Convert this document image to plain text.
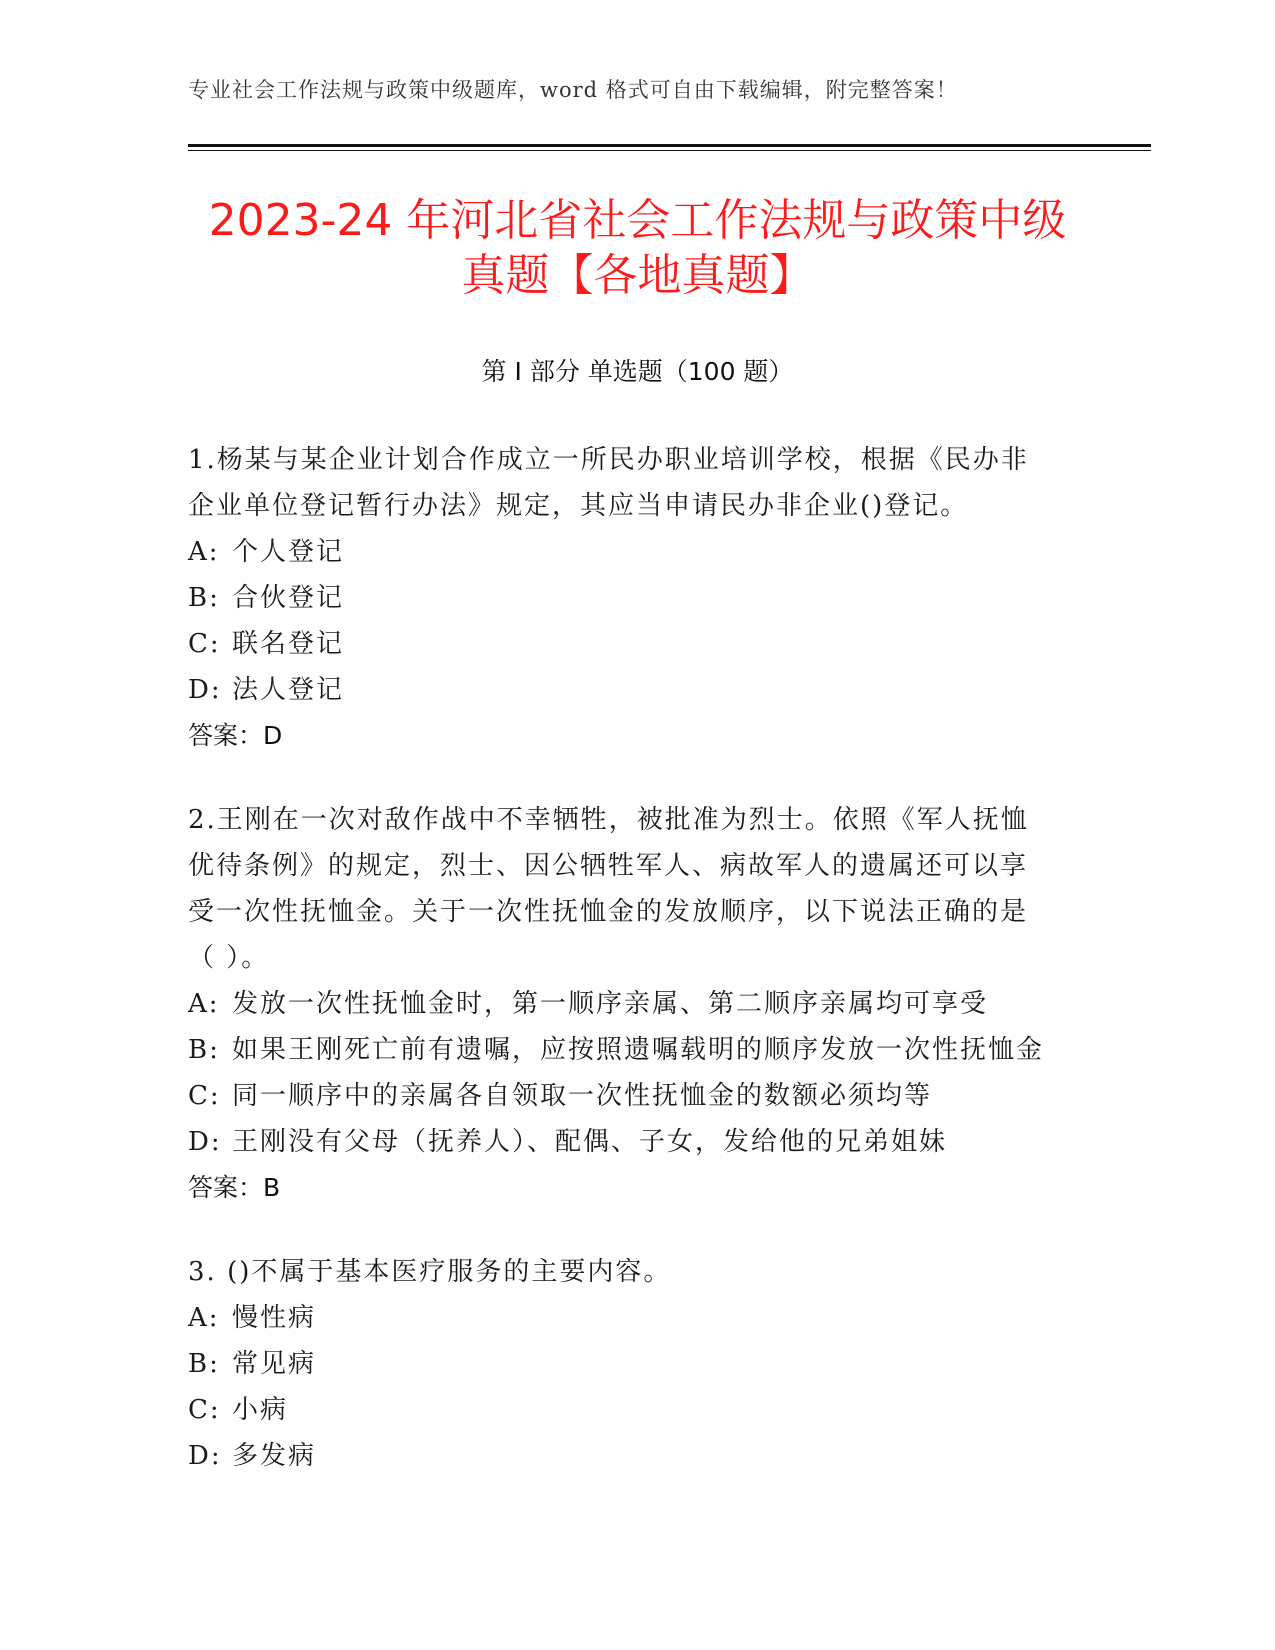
专业社会工作法规与政策中级题库，word 格式可自由下载编辑，附完整答案！
2023-24 年河北省社会工作法规与政策中级
真题【各地真题】
第 I 部分 单选题（100 题）
1.杨某与某企业计划合作成立一所民办职业培训学校，根据《民办非
企业单位登记暂行办法》规定，其应当申请民办非企业()登记。
A: 个人登记
B: 合伙登记
C: 联名登记
D: 法人登记
答案：D
2.王刚在一次对敌作战中不幸牺牲，被批准为烈士。依照《军人抚恤
优待条例》的规定，烈士、因公牺牲军人、病故军人的遗属还可以享
受一次性抚恤金。关于一次性抚恤金的发放顺序，以下说法正确的是
（ ）。
A: 发放一次性抚恤金时，第一顺序亲属、第二顺序亲属均可享受
B: 如果王刚死亡前有遗嘱，应按照遗嘱载明的顺序发放一次性抚恤金
C: 同一顺序中的亲属各自领取一次性抚恤金的数额必须均等
D: 王刚没有父母（抚养人）、配偶、子女，发给他的兄弟姐妹
答案：B
3. ()不属于基本医疗服务的主要内容。
A: 慢性病
B: 常见病
C: 小病
D: 多发病
